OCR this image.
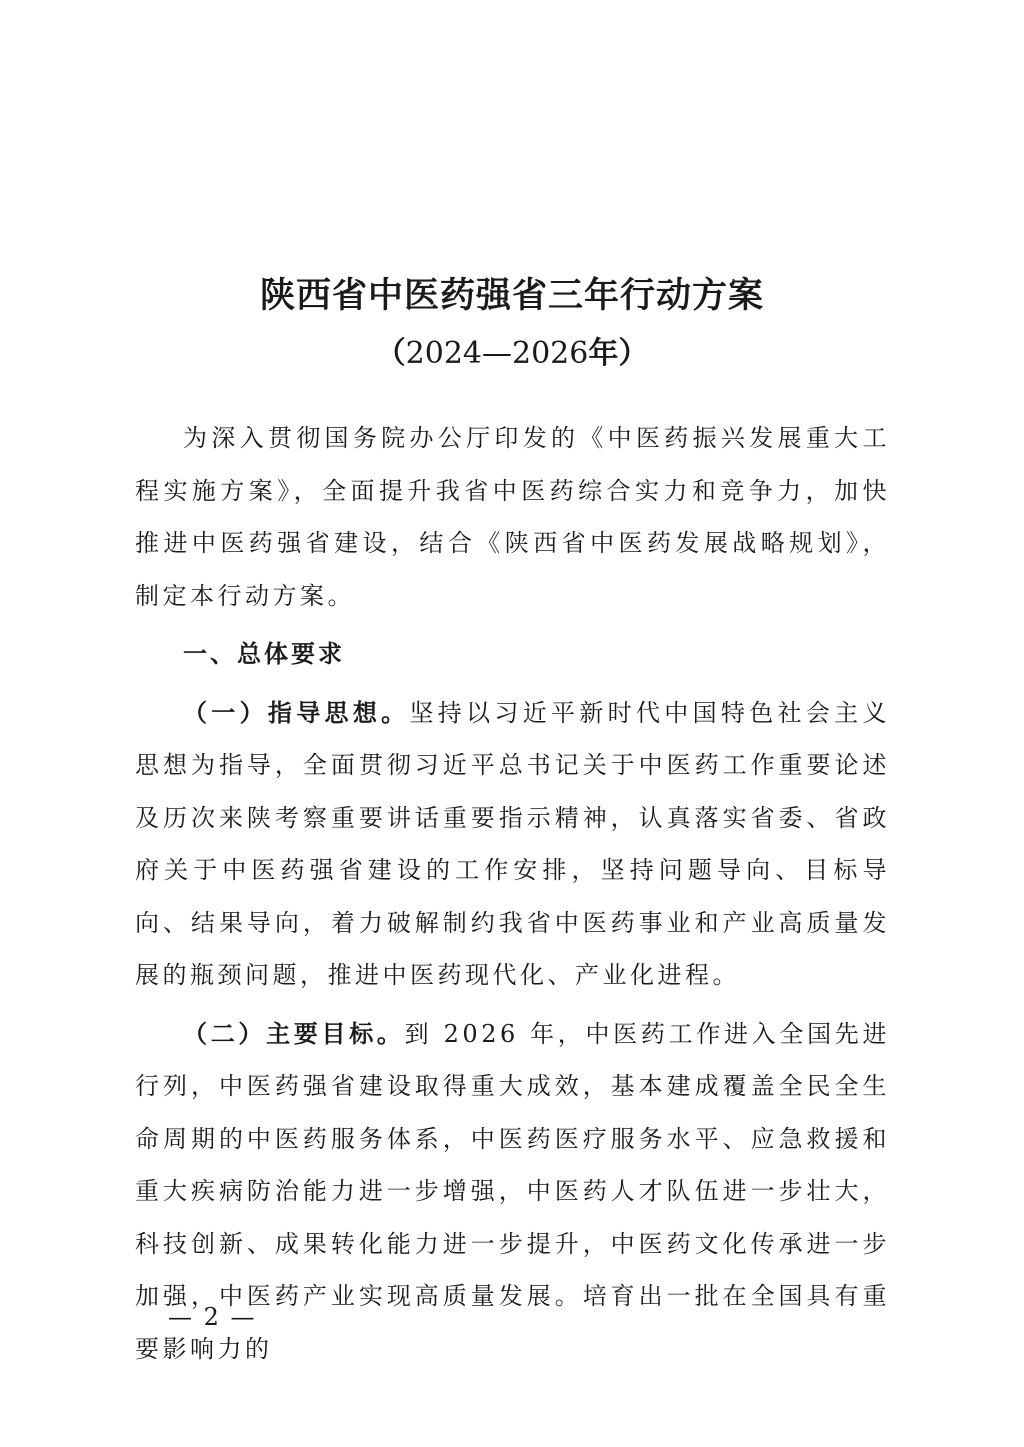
陕西省中医药强省三年行动方案

（2024—2026年）

为深入贯彻国务院办公厅印发的《中医药振兴发展重大工程实施方案》，全面提升我省中医药综合实力和竞争力，加快推进中医药强省建设，结合《陕西省中医药发展战略规划》，制定本行动方案。

一、总体要求

（一）指导思想。坚持以习近平新时代中国特色社会主义思想为指导，全面贯彻习近平总书记关于中医药工作重要论述及历次来陕考察重要讲话重要指示精神，认真落实省委、省政府关于中医药强省建设的工作安排，坚持问题导向、目标导向、结果导向，着力破解制约我省中医药事业和产业高质量发展的瓶颈问题，推进中医药现代化、产业化进程。

（二）主要目标。到 2026 年，中医药工作进入全国先进行列，中医药强省建设取得重大成效，基本建成覆盖全民全生命周期的中医药服务体系，中医药医疗服务水平、应急救援和重大疾病防治能力进一步增强，中医药人才队伍进一步壮大，科技创新、成果转化能力进一步提升，中医药文化传承进一步加强，中医药产业实现高质量发展。培育出一批在全国具有重要影响力的

— 2 —
